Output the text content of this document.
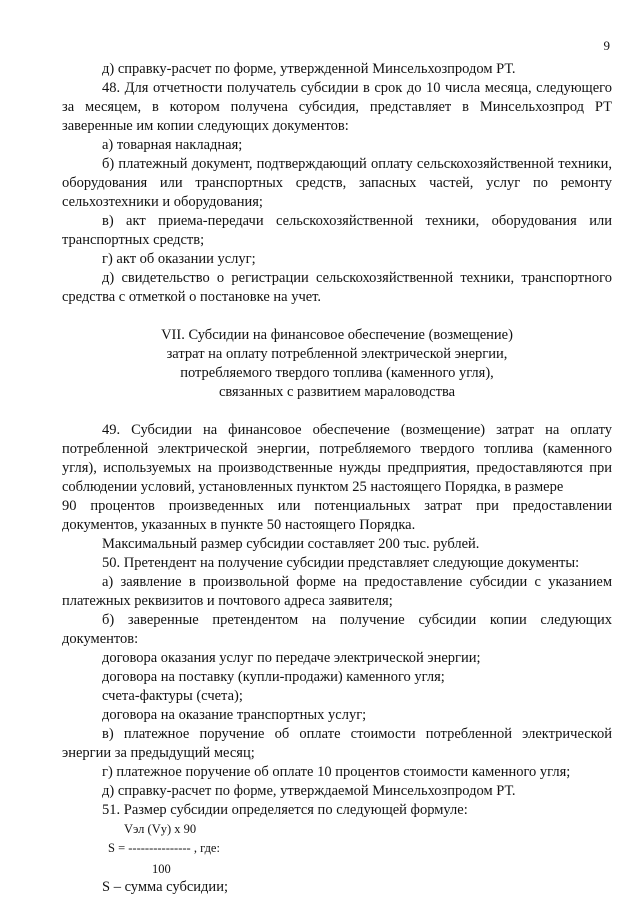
9

д) справку-расчет по форме, утвержденной Минсельхозпродом РТ.

48. Для отчетности получатель субсидии в срок до 10 числа месяца, следующего за месяцем, в котором получена субсидия, представляет в Минсельхозпрод РТ заверенные им копии следующих документов:

а) товарная накладная;

б) платежный документ, подтверждающий оплату сельскохозяйственной техники, оборудования или транспортных средств, запасных частей, услуг по ремонту сельхозтехники и оборудования;

в) акт приема-передачи сельскохозяйственной техники, оборудования или транспортных средств;

г) акт об оказании услуг;

д) свидетельство о регистрации сельскохозяйственной техники, транспортного средства с отметкой о постановке на учет.

VII. Субсидии на финансовое обеспечение (возмещение)
затрат на оплату потребленной электрической энергии,
потребляемого твердого топлива (каменного угля),
связанных с развитием мараловодства

49. Субсидии на финансовое обеспечение (возмещение) затрат на оплату потребленной электрической энергии, потребляемого твердого топлива (каменного угля), используемых на производственные нужды предприятия, предоставляются при соблюдении условий, установленных пунктом 25 настоящего Порядка, в размере

90 процентов произведенных или потенциальных затрат при предоставлении документов, указанных в пункте 50 настоящего Порядка.

Максимальный размер субсидии составляет 200 тыс. рублей.

50. Претендент на получение субсидии представляет следующие документы:

а) заявление в произвольной форме на предоставление субсидии с указанием платежных реквизитов и почтового адреса заявителя;

б) заверенные претендентом на получение субсидии копии следующих документов:

договора оказания услуг по передаче электрической энергии;

договора на поставку (купли-продажи) каменного угля;

счета-фактуры (счета);

договора на оказание транспортных услуг;

в) платежное поручение об оплате стоимости потребленной электрической энергии за предыдущий месяц;

г) платежное поручение об оплате 10 процентов стоимости каменного угля;

д) справку-расчет по форме, утверждаемой Минсельхозпродом РТ.

51. Размер субсидии определяется по следующей формуле:

Vэл (Vу) х 90
S = --------------- , где:
100

S – сумма субсидии;
